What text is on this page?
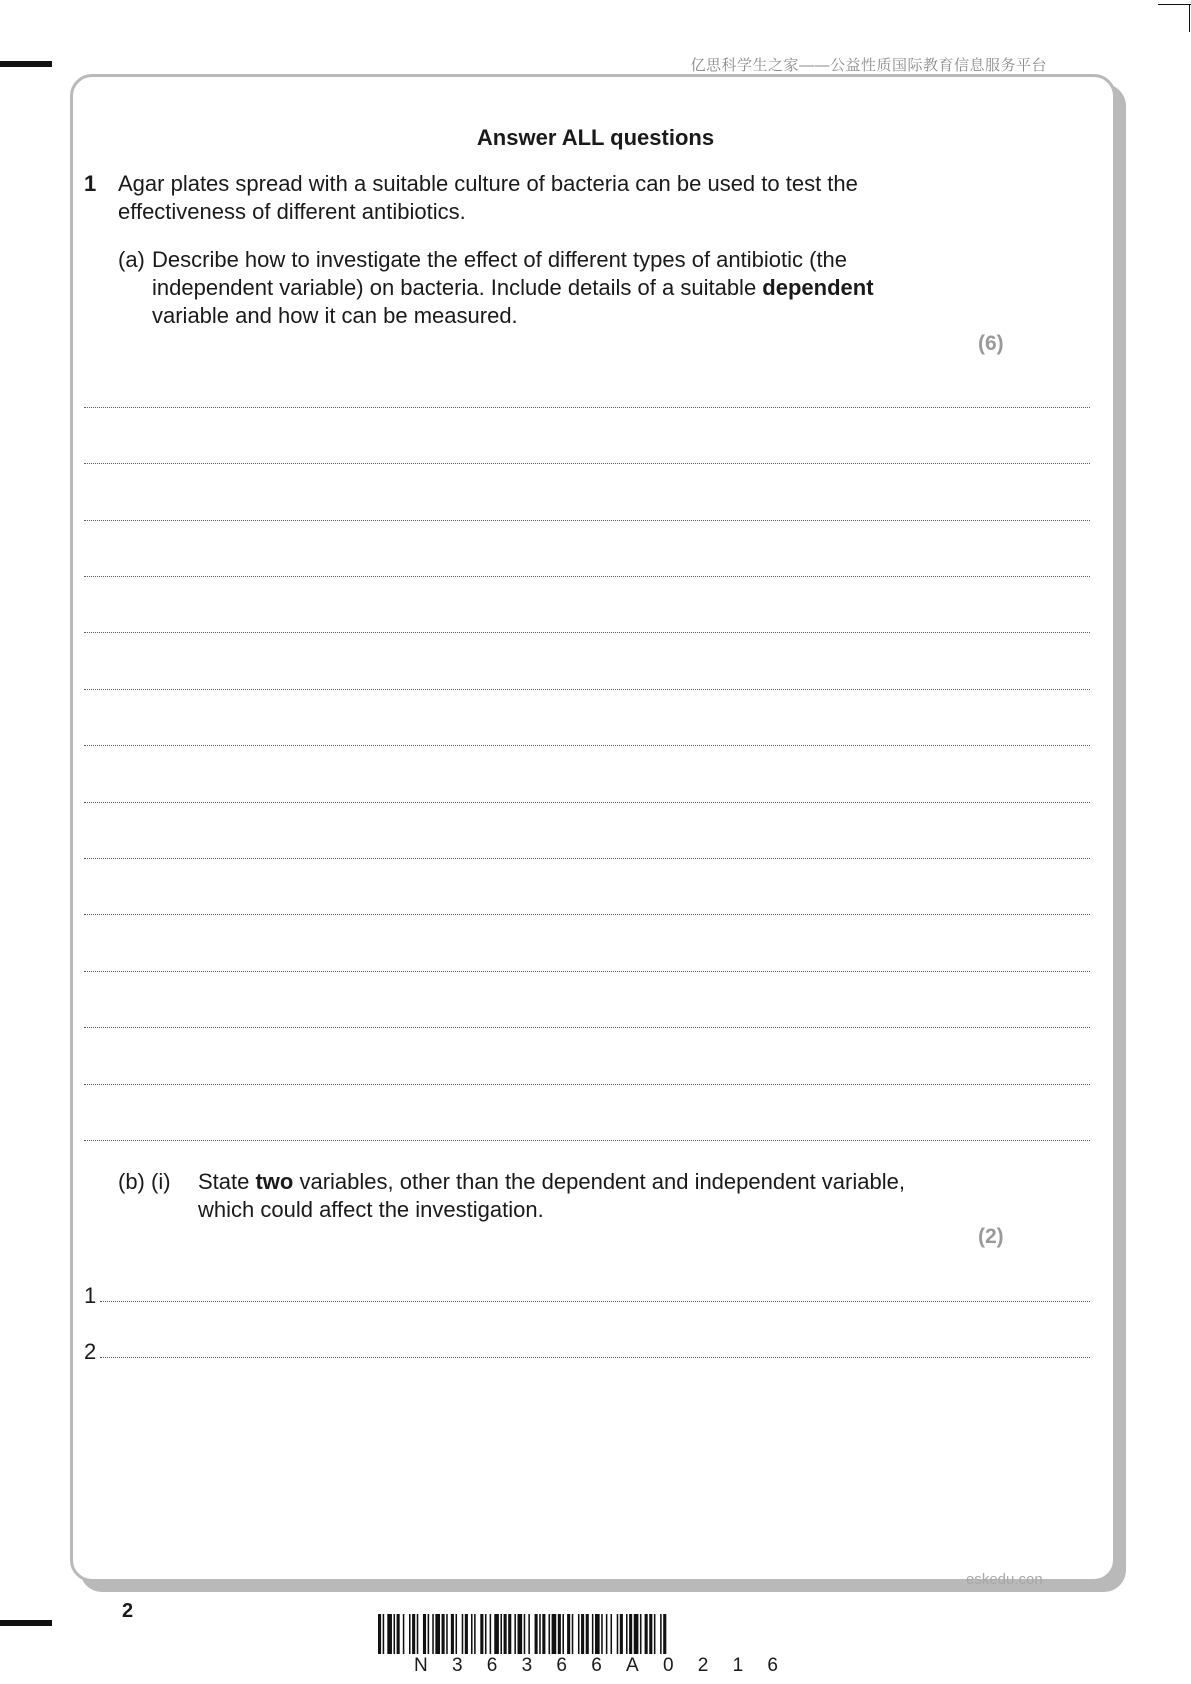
亿思科学生之家——公益性质国际教育信息服务平台
Answer ALL questions
1 Agar plates spread with a suitable culture of bacteria can be used to test the
effectiveness of different antibiotics.
(a) Describe how to investigate the effect of different types of antibiotic (the
independent variable) on bacteria. Include details of a suitable dependent
variable and how it can be measured.
(6)
(b) (i) State two variables, other than the dependent and independent variable,
which could affect the investigation.
(2)
1
2
eskedu.con
2
N 3 6 3 6 6 A 0 2 1 6
